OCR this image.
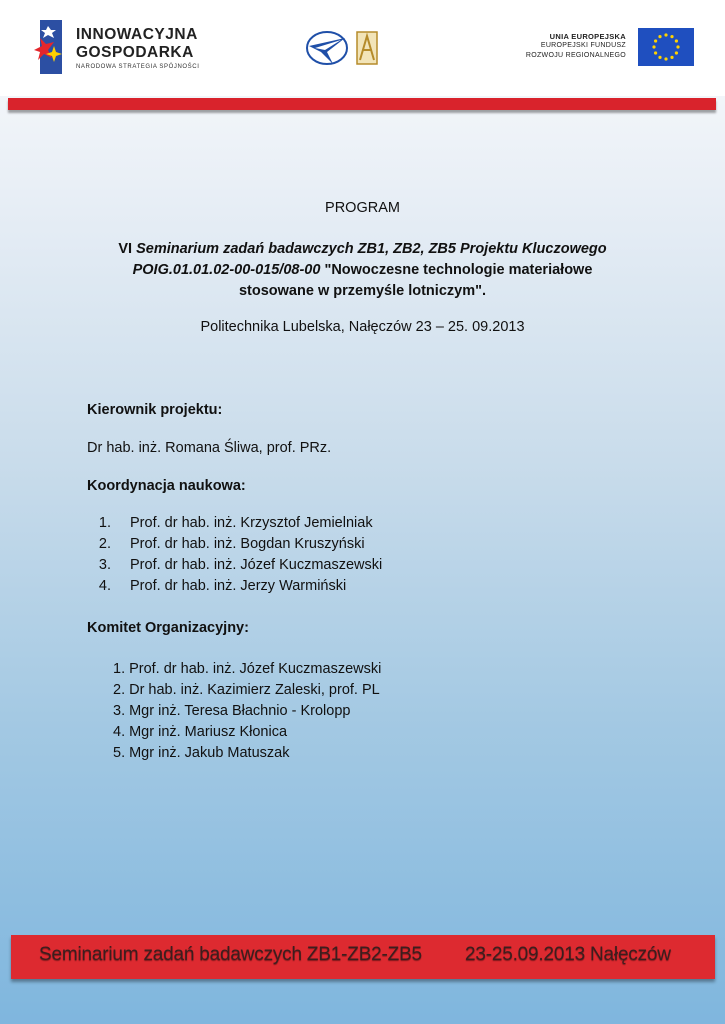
INNOWACYJNA
GOSPODARKA
NARODOWA STRATEGIA SPÓJNOŚCI
UNIA EUROPEJSKA
EUROPEJSKI FUNDUSZ
ROZWOJU REGIONALNEGO
PROGRAM
VI Seminarium zadań badawczych ZB1, ZB2, ZB5 Projektu Kluczowego
POIG.01.01.02-00-015/08-00 "Nowoczesne technologie materiałowe
stosowane w przemyśle lotniczym".
Politechnika Lubelska, Nałęczów 23 – 25. 09.2013
Kierownik projektu:
Dr hab. inż. Romana Śliwa, prof. PRz.
Koordynacja naukowa:
1. Prof. dr hab. inż. Krzysztof Jemielniak
2. Prof. dr hab. inż. Bogdan Kruszyński
3. Prof. dr hab. inż. Józef Kuczmaszewski
4. Prof. dr hab. inż. Jerzy Warmiński
Komitet Organizacyjny:
1. Prof. dr hab. inż. Józef Kuczmaszewski
2. Dr hab. inż. Kazimierz Zaleski, prof. PL
3. Mgr inż. Teresa Błachnio - Krolopp
4. Mgr inż. Mariusz Kłonica
5. Mgr inż. Jakub Matuszak
Seminarium zadań badawczych ZB1-ZB2-ZB5 23-25.09.2013 Nałęczów
